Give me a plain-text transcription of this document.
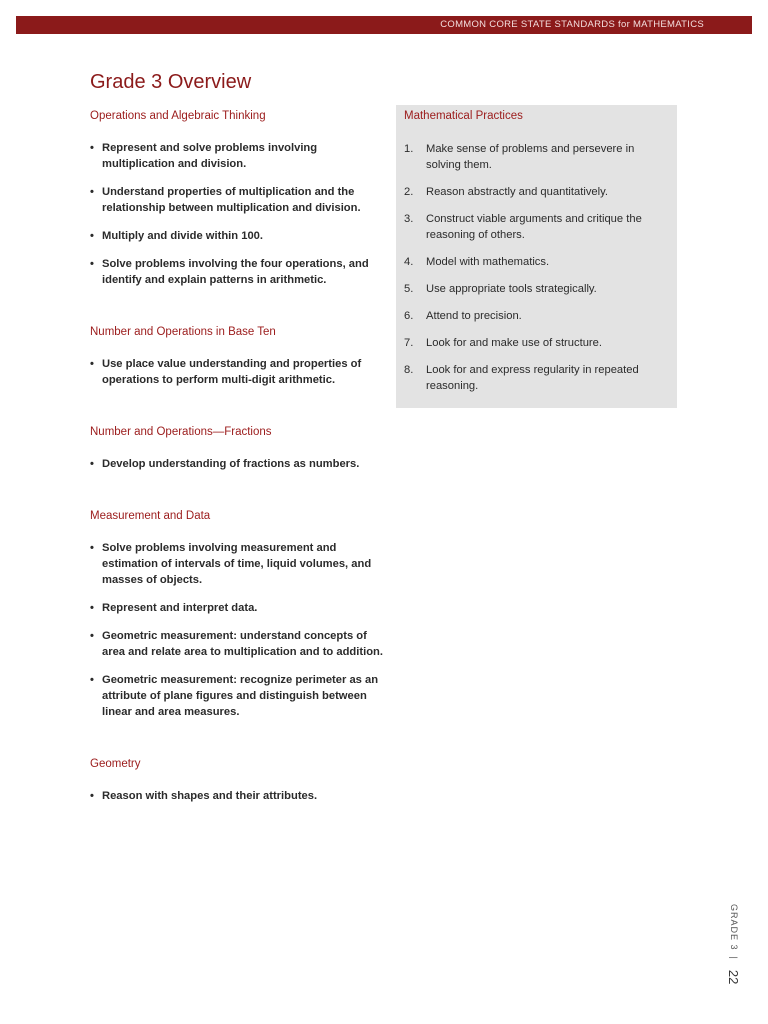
COMMON CORE STATE STANDARDS for MATHEMATICS
Grade 3 Overview
Operations and Algebraic Thinking
• Represent and solve problems involving multiplication and division.
• Understand properties of multiplication and the relationship between multiplication and division.
• Multiply and divide within 100.
• Solve problems involving the four operations, and identify and explain patterns in arithmetic.
Number and Operations in Base Ten
• Use place value understanding and properties of operations to perform multi-digit arithmetic.
Number and Operations—Fractions
• Develop understanding of fractions as numbers.
Measurement and Data
• Solve problems involving measurement and estimation of intervals of time, liquid volumes, and masses of objects.
• Represent and interpret data.
• Geometric measurement: understand concepts of area and relate area to multiplication and to addition.
• Geometric measurement: recognize perimeter as an attribute of plane figures and distinguish between linear and area measures.
Geometry
• Reason with shapes and their attributes.
Mathematical Practices
1. Make sense of problems and persevere in solving them.
2. Reason abstractly and quantitatively.
3. Construct viable arguments and critique the reasoning of others.
4. Model with mathematics.
5. Use appropriate tools strategically.
6. Attend to precision.
7. Look for and make use of structure.
8. Look for and express regularity in repeated reasoning.
GRADE 3
|
22
